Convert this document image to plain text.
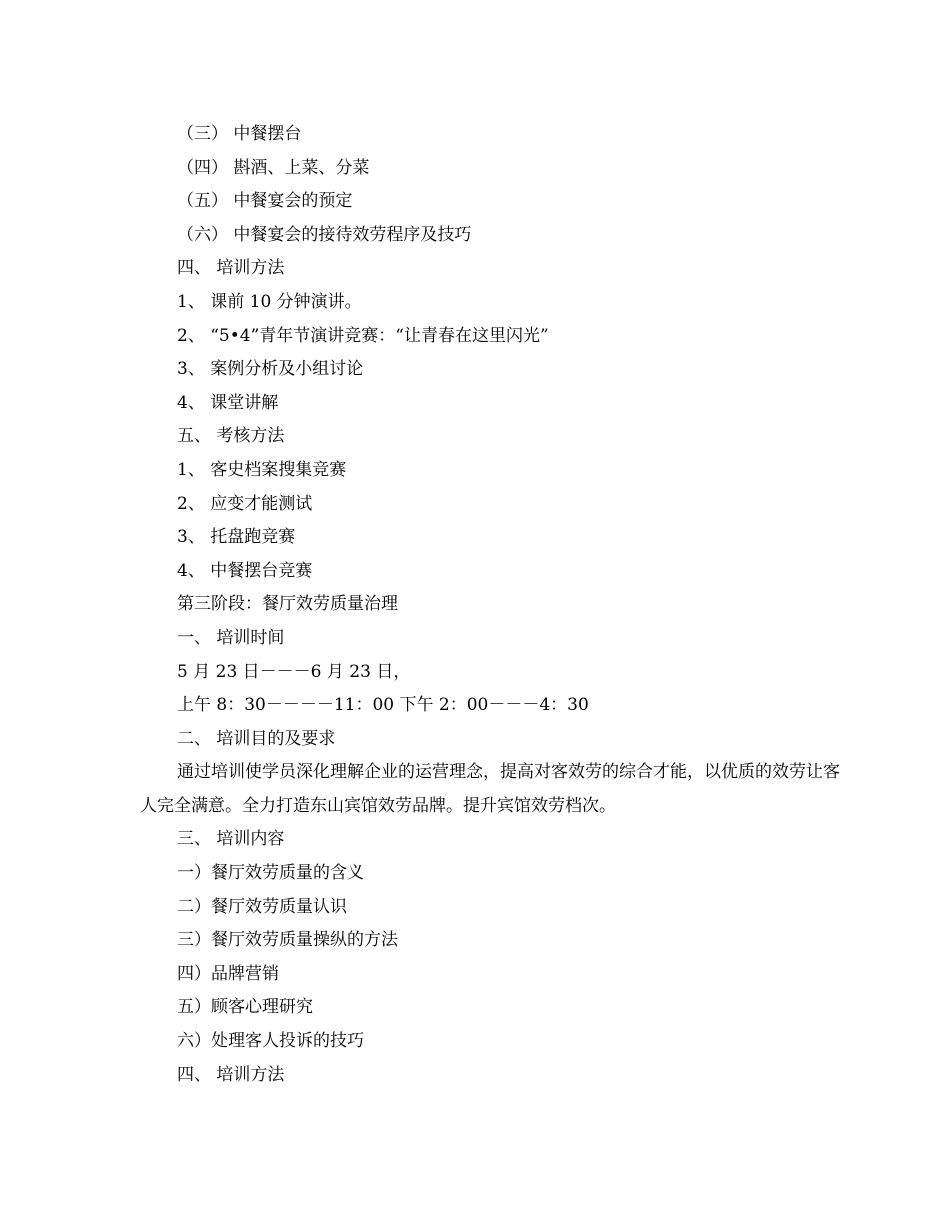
（三） 中餐摆台
（四） 斟酒、上菜、分菜
（五） 中餐宴会的预定
（六） 中餐宴会的接待效劳程序及技巧
四、 培训方法
1、 课前 10 分钟演讲。
2、 “5•4”青年节演讲竞赛：“让青春在这里闪光”
3、 案例分析及小组讨论
4、 课堂讲解
五、 考核方法
1、 客史档案搜集竞赛
2、 应变才能测试
3、 托盘跑竞赛
4、 中餐摆台竞赛
第三阶段：餐厅效劳质量治理
一、 培训时间
5 月 23 日－－－6 月 23 日，
上午 8：30－－－－11：00 下午 2：00－－－4：30
二、 培训目的及要求
通过培训使学员深化理解企业的运营理念，提高对客效劳的综合才能，以优质的效劳让客人完全满意。全力打造东山宾馆效劳品牌。提升宾馆效劳档次。
三、 培训内容
一）餐厅效劳质量的含义
二）餐厅效劳质量认识
三）餐厅效劳质量操纵的方法
四）品牌营销
五）顾客心理研究
六）处理客人投诉的技巧
四、 培训方法
